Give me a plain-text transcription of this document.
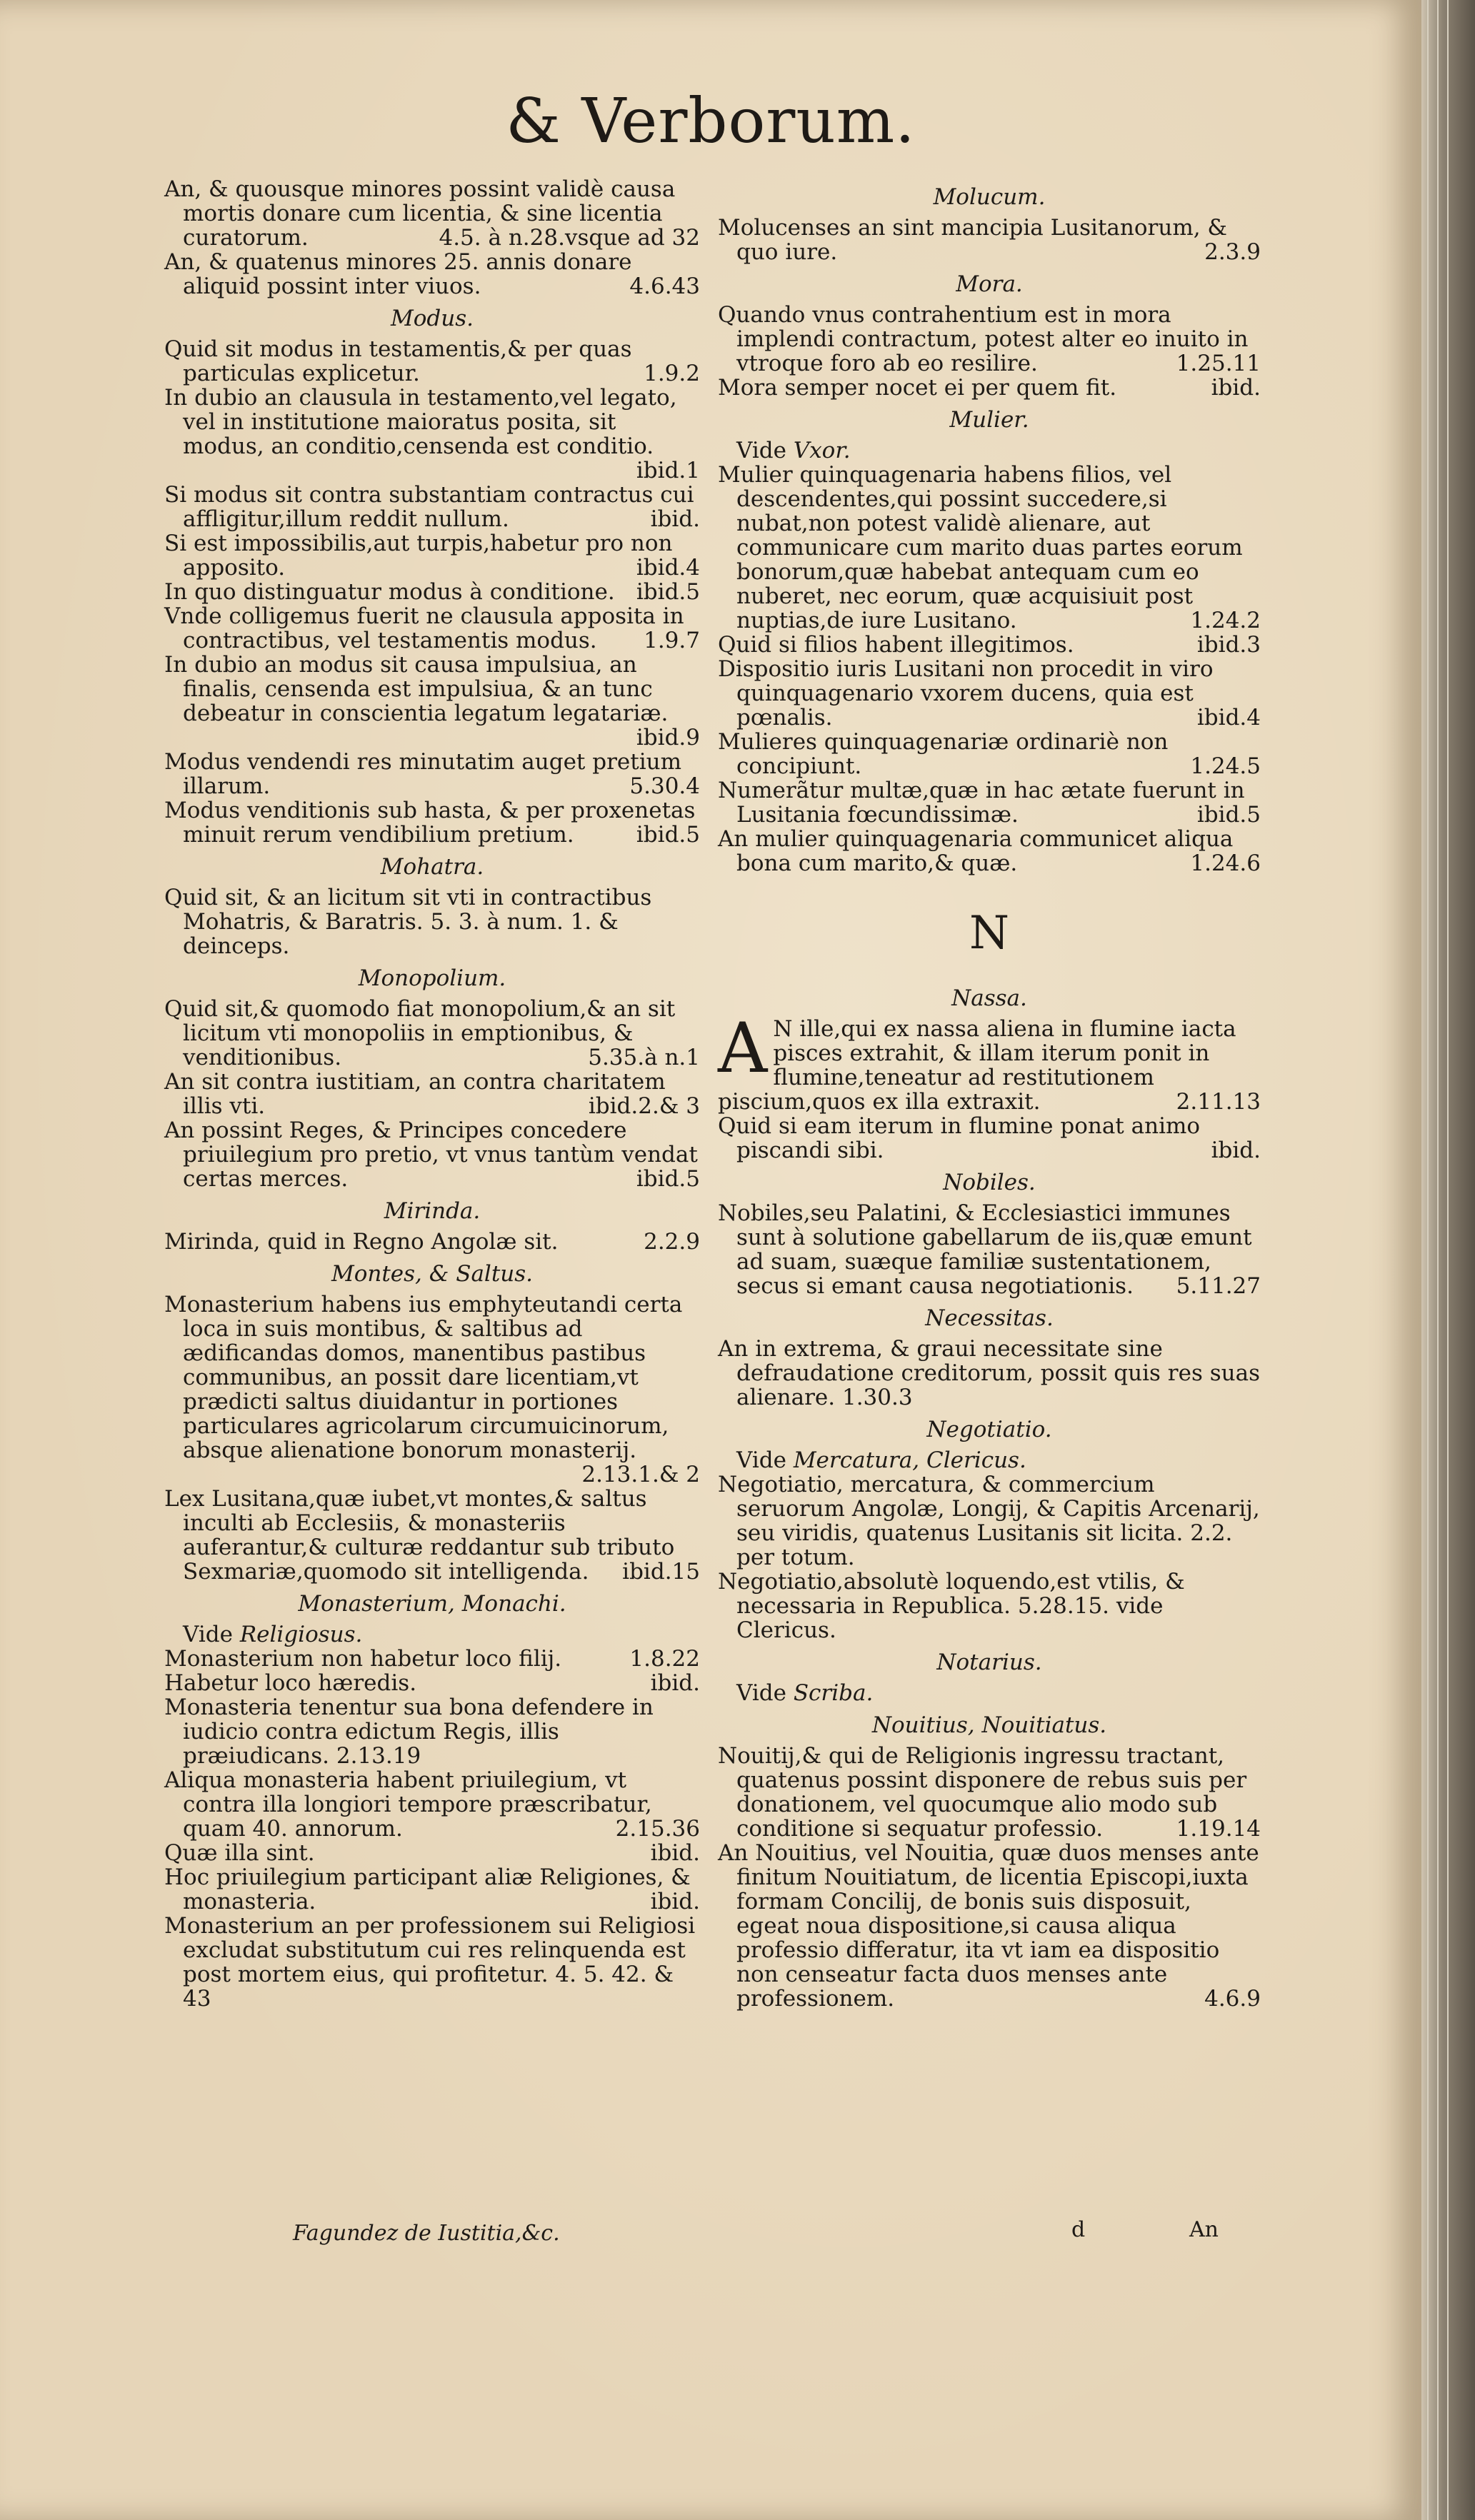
& Verborum.
An, & quousque minores possint validè causa mortis donare cum licentia, & sine licentia curatorum.	4.5. à n.28.vsque ad 32
An, & quatenus minores 25. annis donare aliquid possint inter viuos.	4.6.43
Modus.
Quid sit modus in testamentis,& per quas particulas explicetur.	1.9.2
In dubio an clausula in testamento,vel legato, vel in institutione maioratus posita, sit modus, an conditio,censenda est conditio.
ibid.1
Si modus sit contra substantiam contractus cui affligitur,illum reddit nullum.	ibid.
Si est impossibilis,aut turpis,habetur pro non apposito.	ibid.4
In quo distinguatur modus à conditione. ibid.5
Vnde colligemus fuerit ne clausula apposita in contractibus, vel testamentis modus. 1.9.7
In dubio an modus sit causa impulsiua, an finalis, censenda est impulsiua, & an tunc debeatur in conscientia legatum legatariæ.
ibid.9
Modus vendendi res minutatim auget pretium illarum.	5.30.4
Modus venditionis sub hasta, & per proxenetas minuit rerum vendibilium pretium.	ibid.5
Mohatra.
Quid sit, & an licitum sit vti in contractibus Mohatris, & Baratris. 5. 3. à num. 1. & deinceps.
Monopolium.
Quid sit,& quomodo fiat monopolium,& an sit licitum vti monopoliis in emptionibus, & venditionibus.	5.35.à n.1
An sit contra iustitiam, an contra charitatem illis vti.	ibid.2.& 3
An possint Reges, & Principes concedere priuilegium pro pretio, vt vnus tantùm vendat certas merces.	ibid.5
Mirinda.
Mirinda, quid in Regno Angolæ sit.	2.2.9
Montes, & Saltus.
Monasterium habens ius emphyteutandi certa loca in suis montibus, & saltibus ad ædificandas domos, manentibus pastibus communibus, an possit dare licentiam,vt prædicti saltus diuidantur in portiones particulares agricolarum circumuicinorum, absque alienatione bonorum monasterij.
2.13.1.& 2
Lex Lusitana,quæ iubet,vt montes,& saltus inculti ab Ecclesiis, & monasteriis auferantur,& culturæ reddantur sub tributo Sexmariæ,quomodo sit intelligenda. ibid.15
Monasterium, Monachi.
Vide Religiosus.
Monasterium non habetur loco filij.	1.8.22
Habetur loco hæredis.	ibid.
Monasteria tenentur sua bona defendere in iudicio contra edictum Regis, illis præiudicans. 2.13.19
Aliqua monasteria habent priuilegium, vt contra illa longiori tempore præscribatur, quam 40. annorum.	2.15.36
Quæ illa sint.	ibid.
Hoc priuilegium participant aliæ Religiones, & monasteria.	ibid.
Monasterium an per professionem sui Religiosi excludat substitutum cui res relinquenda est post mortem eius, qui profitetur. 4. 5. 42. & 43
Molucum.
Molucenses an sint mancipia Lusitanorum, & quo iure.	2.3.9
Mora.
Quando vnus contrahentium est in mora implendi contractum, potest alter eo inuito in vtroque foro ab eo resilire.	1.25.11
Mora semper nocet ei per quem fit.	ibid.
Mulier.
Vide Vxor.
Mulier quinquagenaria habens filios, vel descendentes,qui possint succedere,si nubat,non potest validè alienare, aut communicare cum marito duas partes eorum bonorum,quæ habebat antequam cum eo nuberet, nec eorum, quæ acquisiuit post nuptias,de iure Lusitano.	1.24.2
Quid si filios habent illegitimos.	ibid.3
Dispositio iuris Lusitani non procedit in viro quinquagenario vxorem ducens, quia est pœnalis.	ibid.4
Mulieres quinquagenariæ ordinariè non concipiunt.	1.24.5
Numerãtur multæ,quæ in hac ætate fuerunt in Lusitania fœcundissimæ.	ibid.5
An mulier quinquagenaria communicet aliqua bona cum marito,& quæ.	1.24.6
N
Nassa.
A N ille,qui ex nassa aliena in flumine iacta pisces extrahit, & illam iterum ponit in flumine,teneatur ad restitutionem piscium,quos ex illa extraxit.	2.11.13
Quid si eam iterum in flumine ponat animo piscandi sibi.	ibid.
Nobiles.
Nobiles,seu Palatini, & Ecclesiastici immunes sunt à solutione gabellarum de iis,quæ emunt ad suam, suæque familiæ sustentationem, secus si emant causa negotiationis. 5.11.27
Necessitas.
An in extrema, & graui necessitate sine defraudatione creditorum, possit quis res suas alienare. 1.30.3
Negotiatio.
Vide Mercatura, Clericus.
Negotiatio, mercatura, & commercium seruorum Angolæ, Longij, & Capitis Arcenarij, seu viridis, quatenus Lusitanis sit licita. 2.2. per totum.
Negotiatio,absolutè loquendo,est vtilis, & necessaria in Republica. 5.28.15. vide Clericus.
Notarius.
Vide Scriba.
Nouitius, Nouitiatus.
Nouitij,& qui de Religionis ingressu tractant, quatenus possint disponere de rebus suis per donationem, vel quocumque alio modo sub conditione si sequatur professio.	1.19.14
An Nouitius, vel Nouitia, quæ duos menses ante finitum Nouitiatum, de licentia Episcopi,iuxta formam Concilij, de bonis suis disposuit, egeat noua dispositione,si causa aliqua professio differatur, ita vt iam ea dispositio non censeatur facta duos menses ante professionem.	4.6.9
Fagundez de Iustitia,&c.	d	An
